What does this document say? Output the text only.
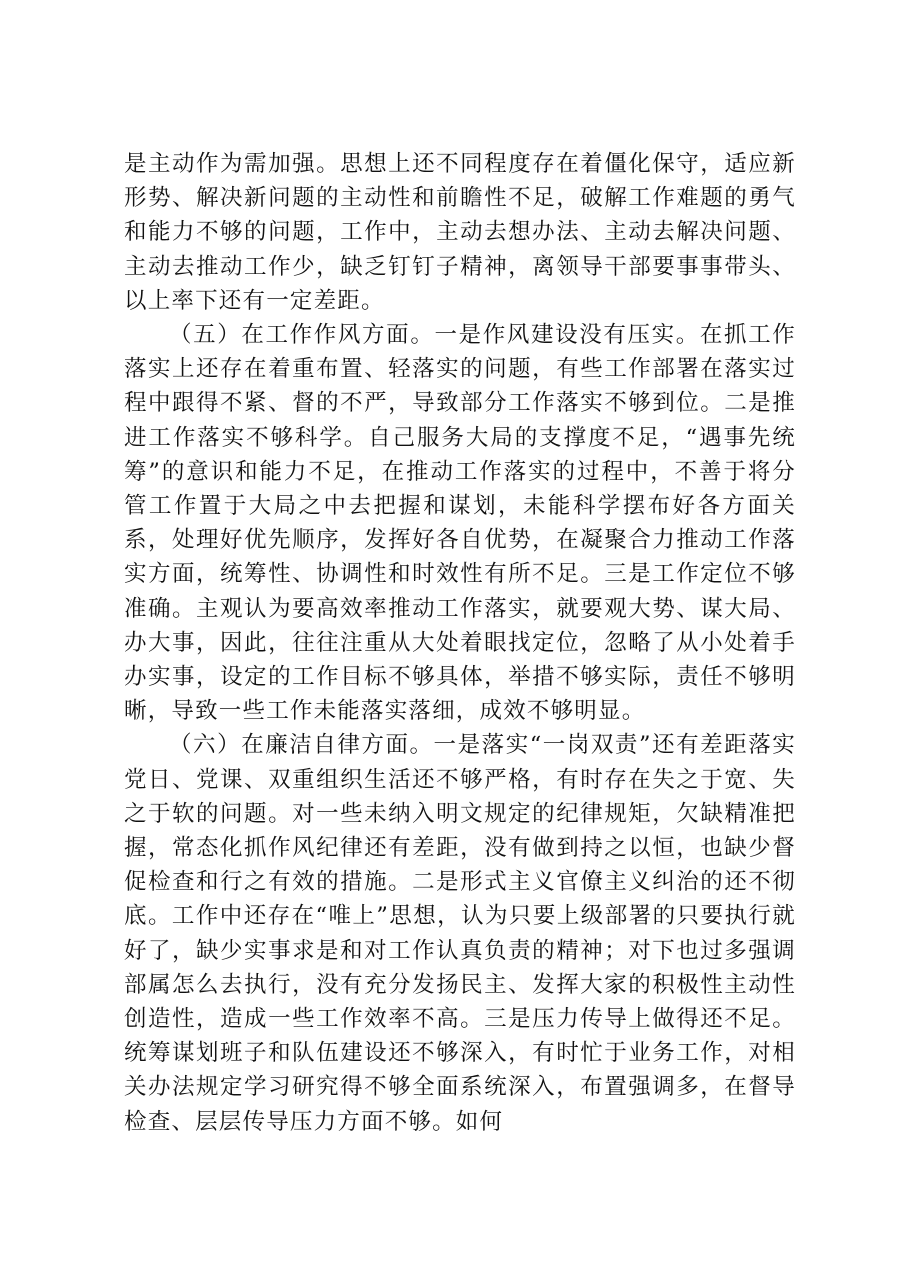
是主动作为需加强。思想上还不同程度存在着僵化保守，适应新形势、解决新问题的主动性和前瞻性不足，破解工作难题的勇气和能力不够的问题，工作中，主动去想办法、主动去解决问题、主动去推动工作少，缺乏钉钉子精神，离领导干部要事事带头、以上率下还有一定差距。

（五）在工作作风方面。一是作风建设没有压实。在抓工作落实上还存在着重布置、轻落实的问题，有些工作部署在落实过程中跟得不紧、督的不严，导致部分工作落实不够到位。二是推进工作落实不够科学。自己服务大局的支撑度不足，“遇事先统筹”的意识和能力不足，在推动工作落实的过程中，不善于将分管工作置于大局之中去把握和谋划，未能科学摆布好各方面关系，处理好优先顺序，发挥好各自优势，在凝聚合力推动工作落实方面，统筹性、协调性和时效性有所不足。三是工作定位不够准确。主观认为要高效率推动工作落实，就要观大势、谋大局、办大事，因此，往往注重从大处着眼找定位，忽略了从小处着手办实事，设定的工作目标不够具体，举措不够实际，责任不够明晰，导致一些工作未能落实落细，成效不够明显。

（六）在廉洁自律方面。一是落实“一岗双责”还有差距落实党日、党课、双重组织生活还不够严格，有时存在失之于宽、失之于软的问题。对一些未纳入明文规定的纪律规矩，欠缺精准把握，常态化抓作风纪律还有差距，没有做到持之以恒，也缺少督促检查和行之有效的措施。二是形式主义官僚主义纠治的还不彻底。工作中还存在“唯上”思想，认为只要上级部署的只要执行就好了，缺少实事求是和对工作认真负责的精神；对下也过多强调部属怎么去执行，没有充分发扬民主、发挥大家的积极性主动性创造性，造成一些工作效率不高。三是压力传导上做得还不足。统筹谋划班子和队伍建设还不够深入，有时忙于业务工作，对相关办法规定学习研究得不够全面系统深入，布置强调多，在督导检查、层层传导压力方面不够。如何
